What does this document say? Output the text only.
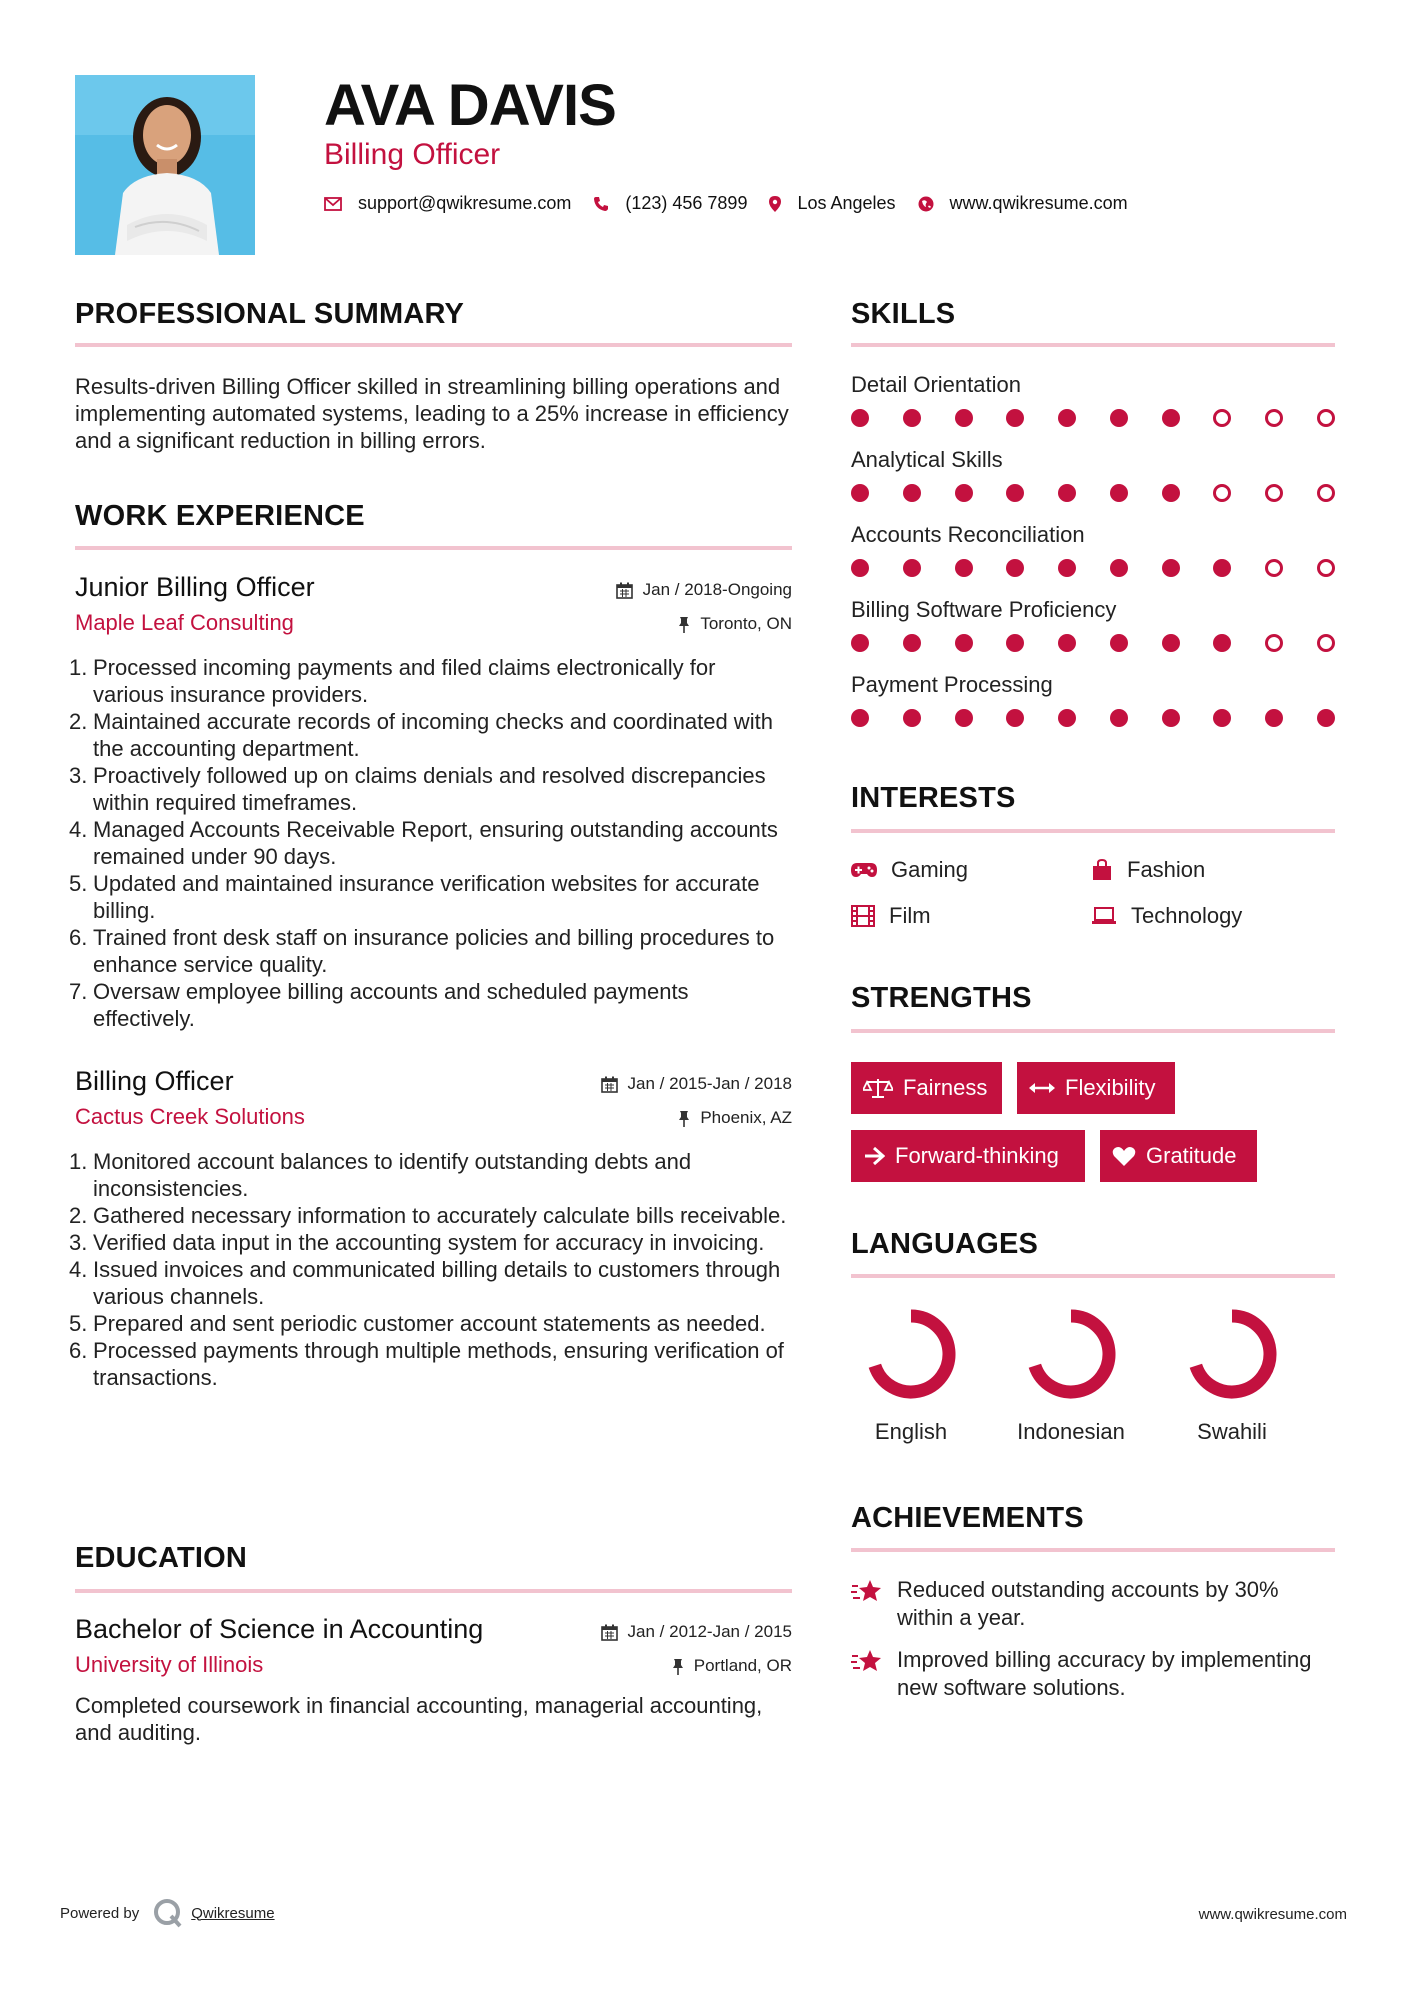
AVA DAVIS
Billing Officer
support@qwikresume.com	(123) 456 7899	Los Angeles	www.qwikresume.com
PROFESSIONAL SUMMARY
Results-driven Billing Officer skilled in streamlining billing operations and implementing automated systems, leading to a 25% increase in efficiency and a significant reduction in billing errors.
WORK EXPERIENCE
Junior Billing Officer
Maple Leaf Consulting
Jan / 2018-Ongoing
Toronto, ON
1. Processed incoming payments and filed claims electronically for various insurance providers.
2. Maintained accurate records of incoming checks and coordinated with the accounting department.
3. Proactively followed up on claims denials and resolved discrepancies within required timeframes.
4. Managed Accounts Receivable Report, ensuring outstanding accounts remained under 90 days.
5. Updated and maintained insurance verification websites for accurate billing.
6. Trained front desk staff on insurance policies and billing procedures to enhance service quality.
7. Oversaw employee billing accounts and scheduled payments effectively.
Billing Officer
Cactus Creek Solutions
Jan / 2015-Jan / 2018
Phoenix, AZ
1. Monitored account balances to identify outstanding debts and inconsistencies.
2. Gathered necessary information to accurately calculate bills receivable.
3. Verified data input in the accounting system for accuracy in invoicing.
4. Issued invoices and communicated billing details to customers through various channels.
5. Prepared and sent periodic customer account statements as needed.
6. Processed payments through multiple methods, ensuring verification of transactions.
EDUCATION
Bachelor of Science in Accounting
University of Illinois
Jan / 2012-Jan / 2015
Portland, OR
Completed coursework in financial accounting, managerial accounting, and auditing.
SKILLS
Detail Orientation
Analytical Skills
Accounts Reconciliation
Billing Software Proficiency
Payment Processing
INTERESTS
Gaming	Fashion
Film	Technology
STRENGTHS
Fairness	Flexibility
Forward-thinking	Gratitude
LANGUAGES
English	Indonesian	Swahili
ACHIEVEMENTS
Reduced outstanding accounts by 30% within a year.
Improved billing accuracy by implementing new software solutions.
Powered by	Qwikresume	www.qwikresume.com
